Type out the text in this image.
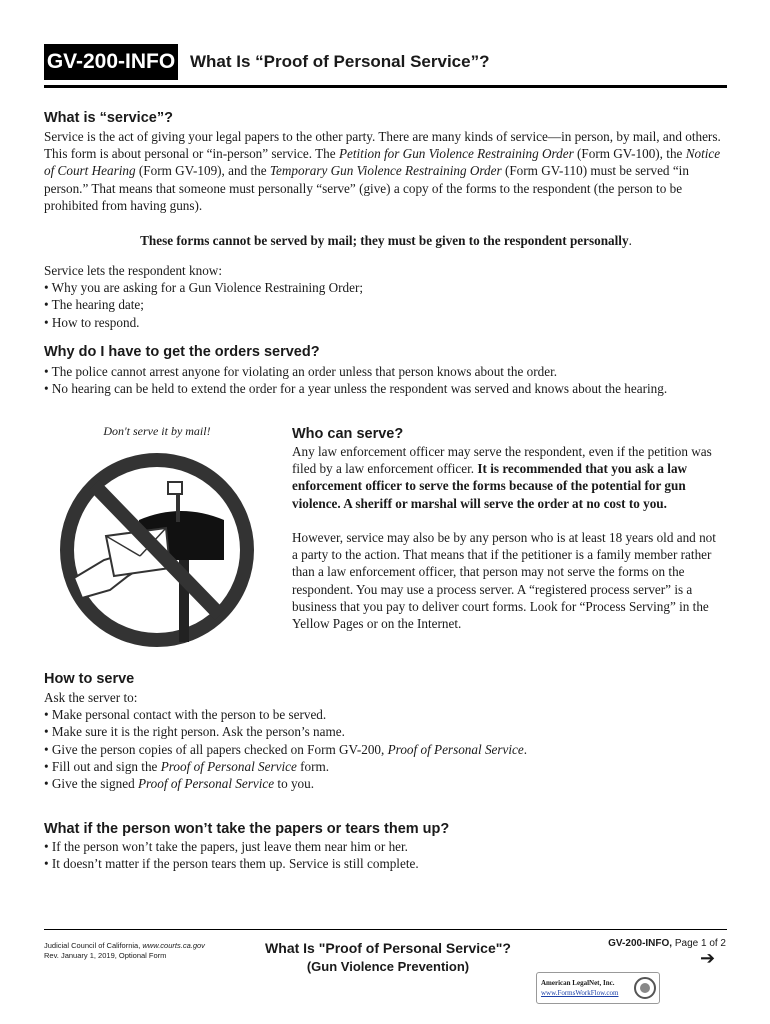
GV-200-INFO What Is “Proof of Personal Service”?
What is “service”?

Service is the act of giving your legal papers to the other party. There are many kinds of service—in person, by mail, and others. This form is about personal or “in-person” service. The Petition for Gun Violence Restraining Order (Form GV-100), the Notice of Court Hearing (Form GV-109), and the Temporary Gun Violence Restraining Order (Form GV-110) must be served “in person.” That means that someone must personally “serve” (give) a copy of the forms to the respondent (the person to be prohibited from having guns).

These forms cannot be served by mail; they must be given to the respondent personally.

Service lets the respondent know:
• Why you are asking for a Gun Violence Restraining Order;
• The hearing date;
• How to respond.

Why do I have to get the orders served?

• The police cannot arrest anyone for violating an order unless that person knows about the order.
• No hearing can be held to extend the order for a year unless the respondent was served and knows about the hearing.

Don't serve it by mail!	Who can serve?

Any law enforcement officer may serve the respondent, even if the petition was filed by a law enforcement officer. It is recommended that you ask a law enforcement officer to serve the forms because of the potential for gun violence. A sheriff or marshal will serve the order at no cost to you.

However, service may also be by any person who is at least 18 years old and not a party to the action. That means that if the petitioner is a family member rather than a law enforcement officer, that person may not serve the forms on the respondent. You may use a process server. A “registered process server” is a business that you pay to deliver court forms. Look for “Process Serving” in the Yellow Pages or on the Internet.

How to serve

Ask the server to:
• Make personal contact with the person to be served.
• Make sure it is the right person. Ask the person’s name.
• Give the person copies of all papers checked on Form GV-200, Proof of Personal Service.
• Fill out and sign the Proof of Personal Service form.
• Give the signed Proof of Personal Service to you.

What if the person won’t take the papers or tears them up?

• If the person won’t take the papers, just leave them near him or her.
• It doesn’t matter if the person tears them up. Service is still complete.

Judicial Council of California, www.courts.ca.gov
Rev. January 1, 2019, Optional Form	What Is "Proof of Personal Service"?
(Gun Violence Prevention)
GV-200-INFO, Page 1 of 2
➔
American LegalNet, Inc.
www.FormsWorkFlow.com
